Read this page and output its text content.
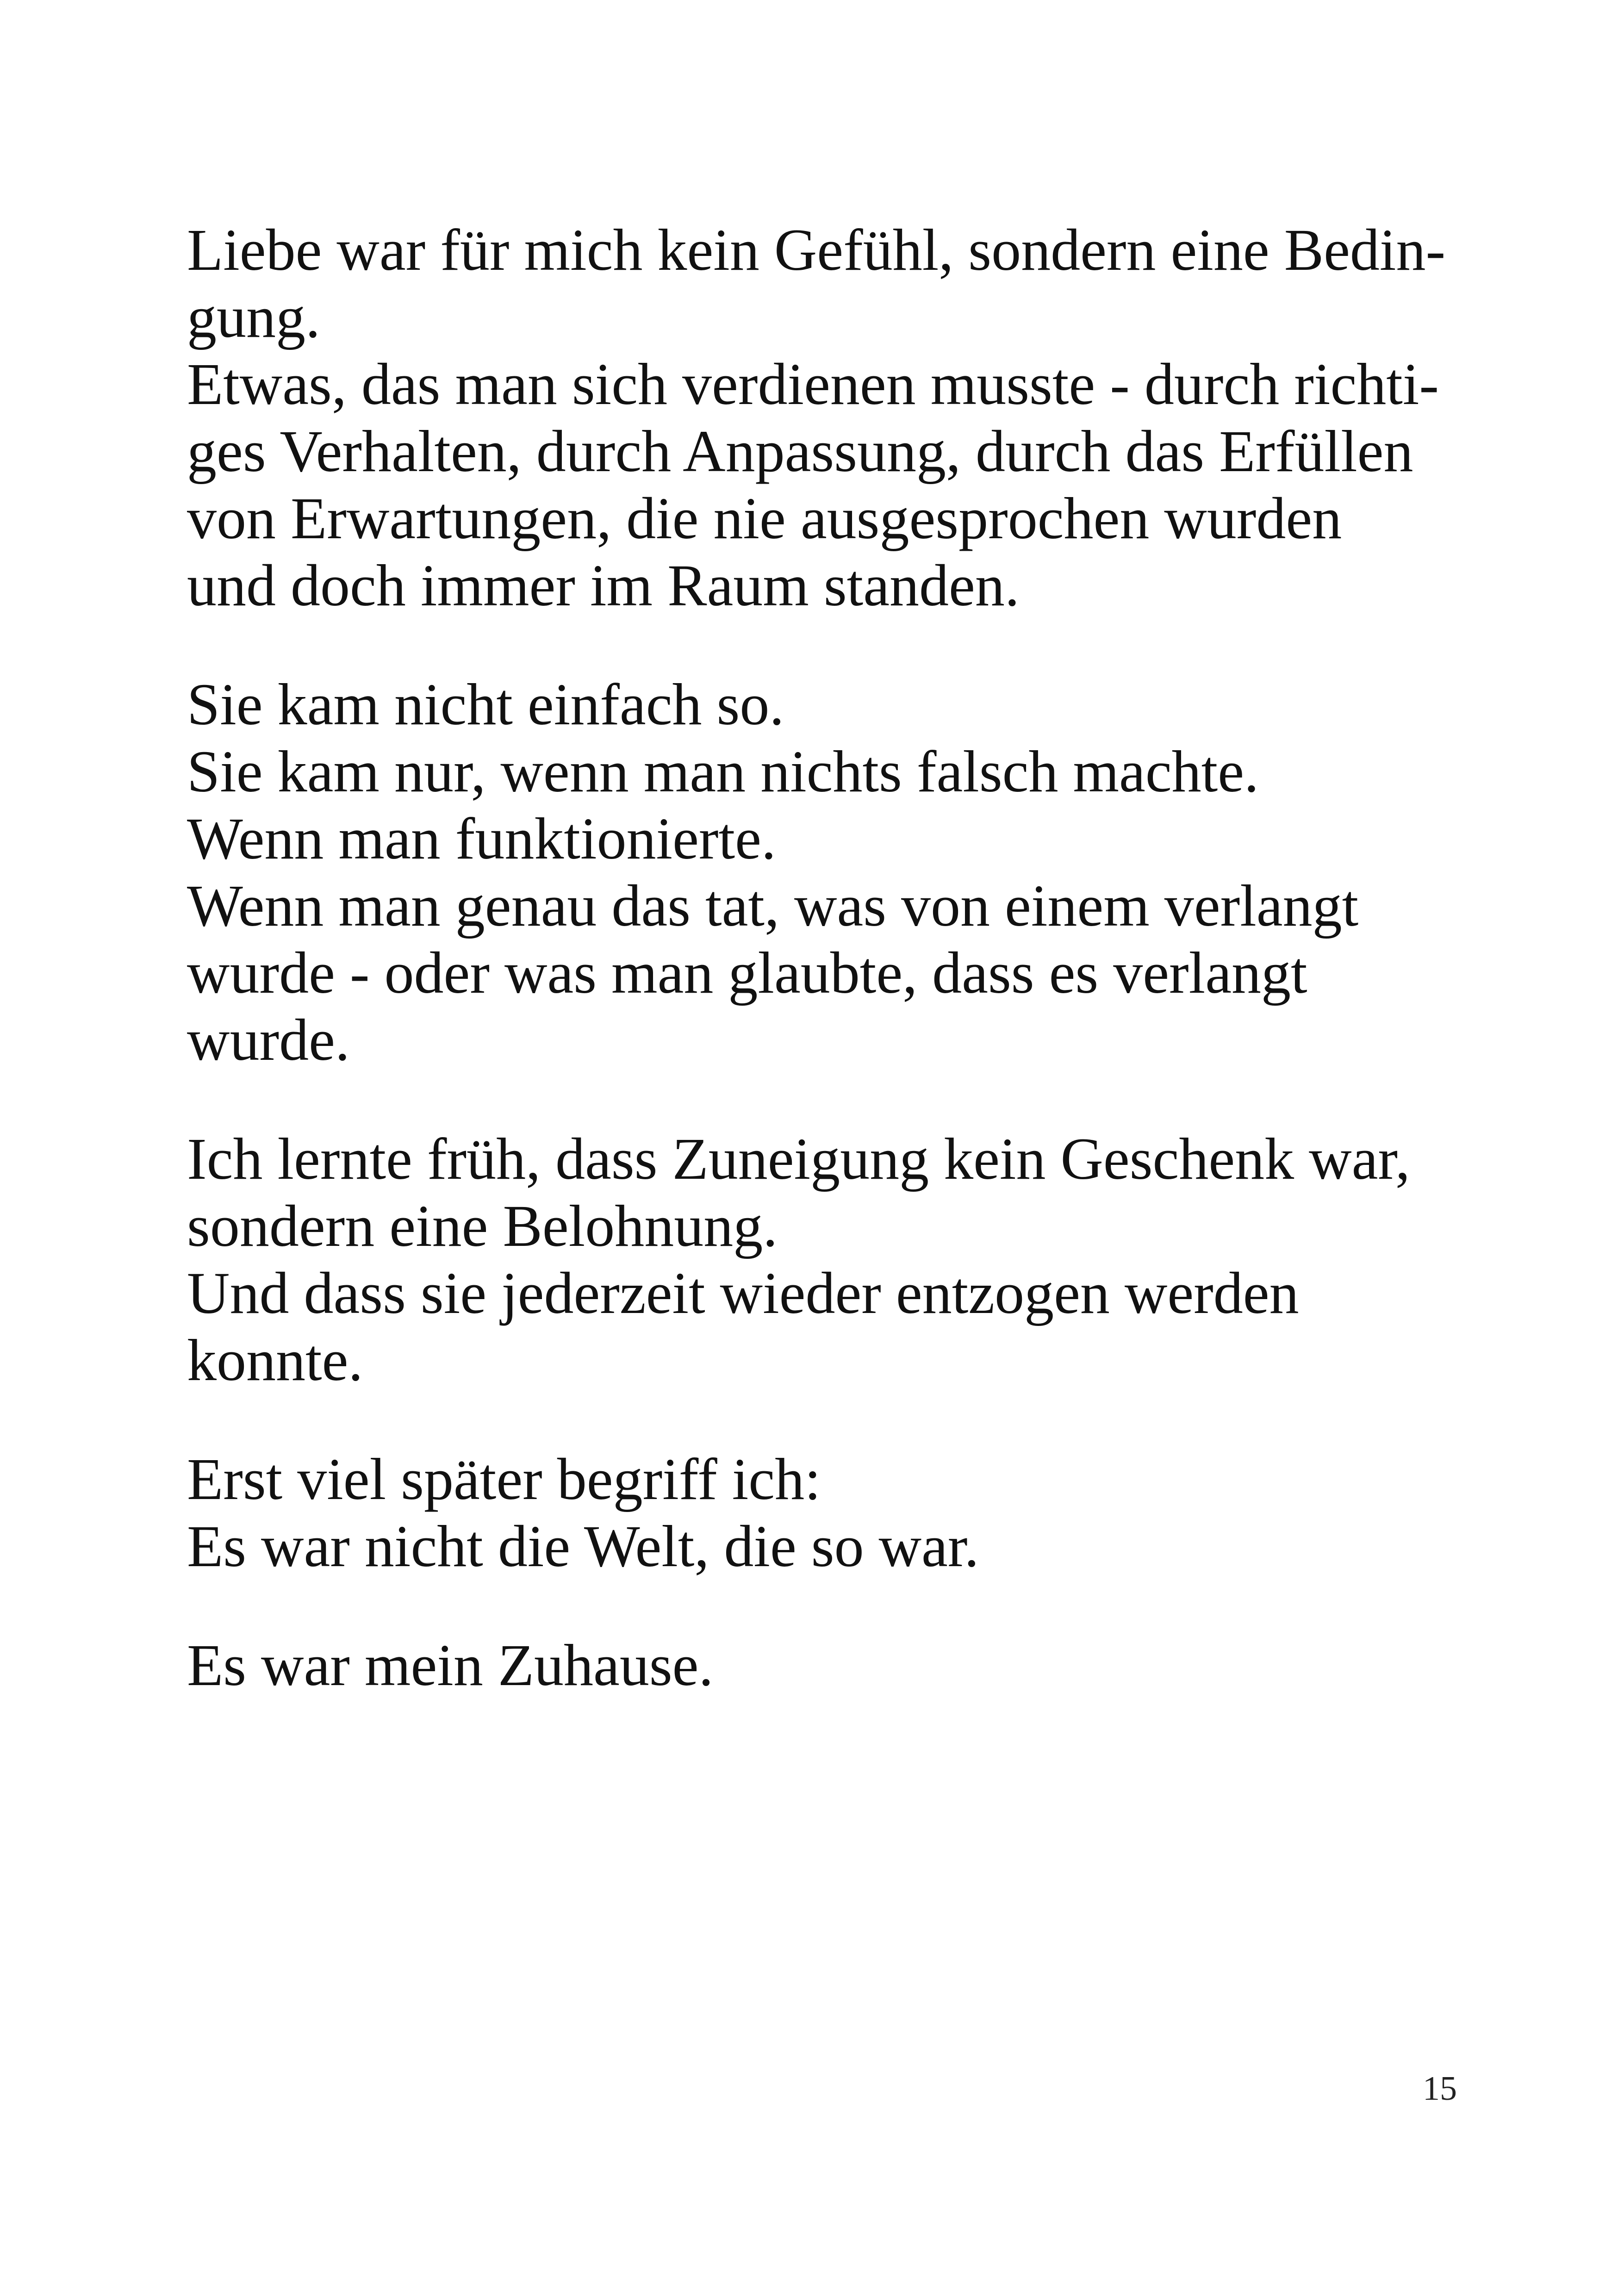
Liebe war für mich kein Gefühl, sondern eine Bedin-
gung.
Etwas, das man sich verdienen musste - durch richti-
ges Verhalten, durch Anpassung, durch das Erfüllen
von Erwartungen, die nie ausgesprochen wurden
und doch immer im Raum standen.

Sie kam nicht einfach so.
Sie kam nur, wenn man nichts falsch machte.
Wenn man funktionierte.
Wenn man genau das tat, was von einem verlangt
wurde - oder was man glaubte, dass es verlangt
wurde.

Ich lernte früh, dass Zuneigung kein Geschenk war,
sondern eine Belohnung.
Und dass sie jederzeit wieder entzogen werden
konnte.

Erst viel später begriff ich:
Es war nicht die Welt, die so war.

Es war mein Zuhause.

15
